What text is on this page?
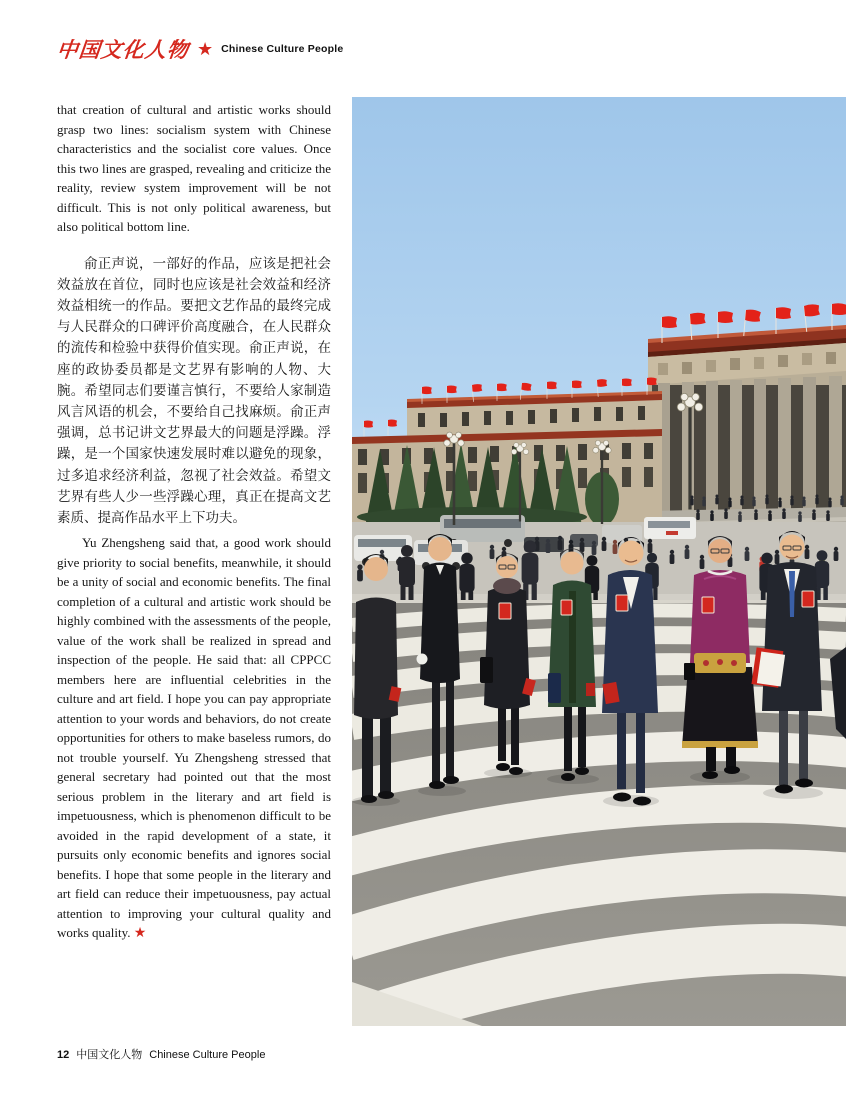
中国文化人物 ★ Chinese Culture People

that creation of cultural and artistic works should grasp two lines: socialism system with Chinese characteristics and the socialist core values. Once this two lines are grasped, revealing and criticize the reality, review system improvement will be not difficult. This is not only political awareness, but also political bottom line.

俞正声说，一部好的作品，应该是把社会效益放在首位，同时也应该是社会效益和经济效益相统一的作品。要把文艺作品的最终完成与人民群众的口碑评价高度融合，在人民群众的流传和检验中获得价值实现。俞正声说，在座的政协委员都是文艺界有影响的人物、大腕。希望同志们要谨言慎行，不要给人家制造风言风语的机会，不要给自己找麻烦。俞正声强调，总书记讲文艺界最大的问题是浮躁。浮躁，是一个国家快速发展时难以避免的现象，过多追求经济利益，忽视了社会效益。希望文艺界有些人少一些浮躁心理，真正在提高文艺素质、提高作品水平上下功夫。

Yu Zhengsheng said that, a good work should give priority to social benefits, meanwhile, it should be a unity of social and economic benefits. The final completion of a cultural and artistic work should be highly combined with the assessments of the people, value of the work shall be realized in spread and inspection of the people. He said that: all CPPCC members here are influential celebrities in the culture and art field. I hope you can pay appropriate attention to your words and behaviors, do not create opportunities for others to make baseless rumors, do not trouble yourself. Yu Zhengsheng stressed that general secretary had pointed out that the most serious problem in the literary and art field is impetuousness, which is phenomenon difficult to be avoided in the rapid development of a state, it pursuits only economic benefits and ignores social benefits. I hope that some people in the literary and art field can reduce their impetuousness, pay actual attention to improving your cultural quality and works quality. ★

12 中国文化人物 Chinese Culture People
